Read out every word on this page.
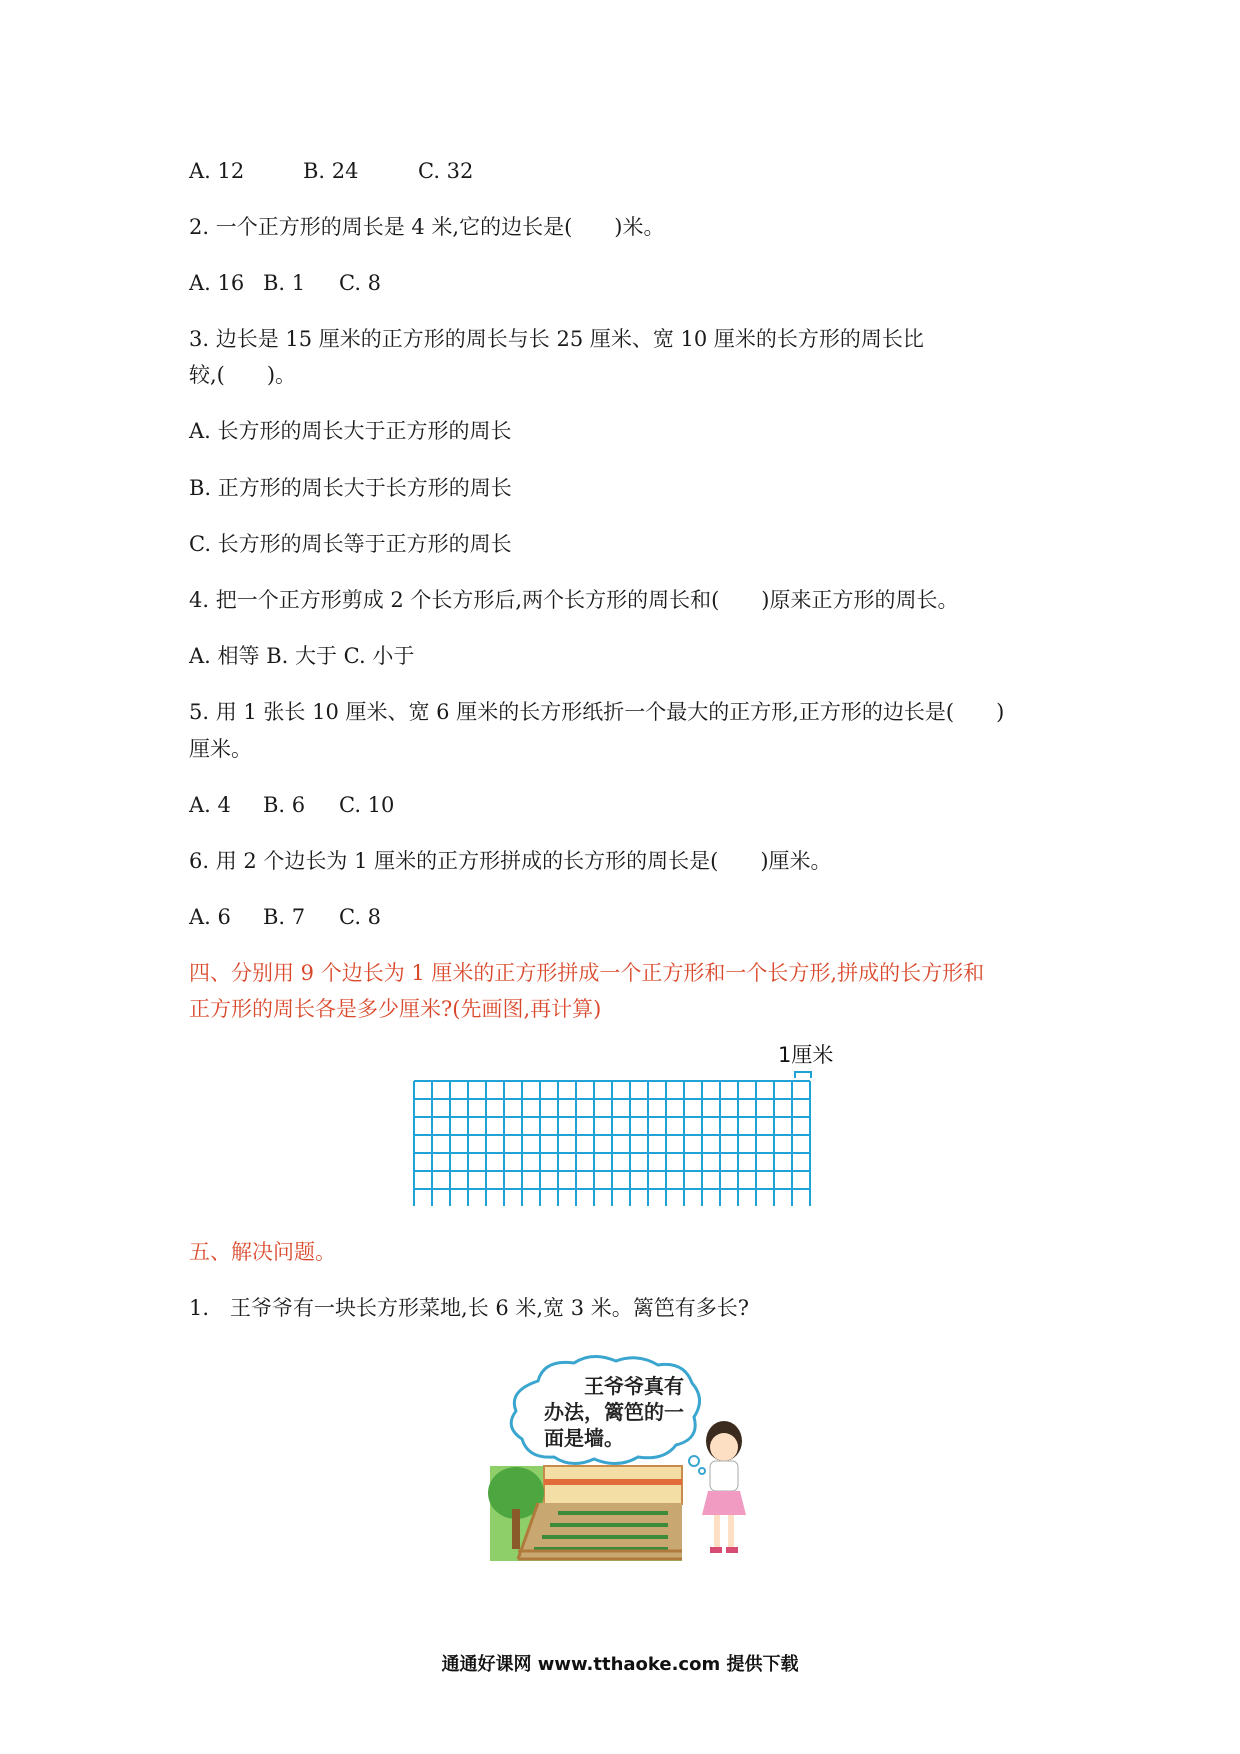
A. 12	B. 24	C. 32
2. 一个正方形的周长是 4 米,它的边长是(　　)米。
A. 16 B. 1 C. 8
3. 边长是 15 厘米的正方形的周长与长 25 厘米、宽 10 厘米的长方形的周长比
较,(　　)。
A. 长方形的周长大于正方形的周长
B. 正方形的周长大于长方形的周长
C. 长方形的周长等于正方形的周长
4. 把一个正方形剪成 2 个长方形后,两个长方形的周长和(　　)原来正方形的周长。
A. 相等 B. 大于 C. 小于
5. 用 1 张长 10 厘米、宽 6 厘米的长方形纸折一个最大的正方形,正方形的边长是(　　)
厘米。
A. 4 B. 6 C. 10
6. 用 2 个边长为 1 厘米的正方形拼成的长方形的周长是(　　)厘米。
A. 6 B. 7 C. 8
四、分别用 9 个边长为 1 厘米的正方形拼成一个正方形和一个长方形,拼成的长方形和
正方形的周长各是多少厘米?(先画图,再计算)
1厘米
五、解决问题。
1.　王爷爷有一块长方形菜地,长 6 米,宽 3 米。篱笆有多长?
王爷爷真有
办法，篱笆的一
面是墙。
通通好课网 www.tthaoke.com 提供下载
